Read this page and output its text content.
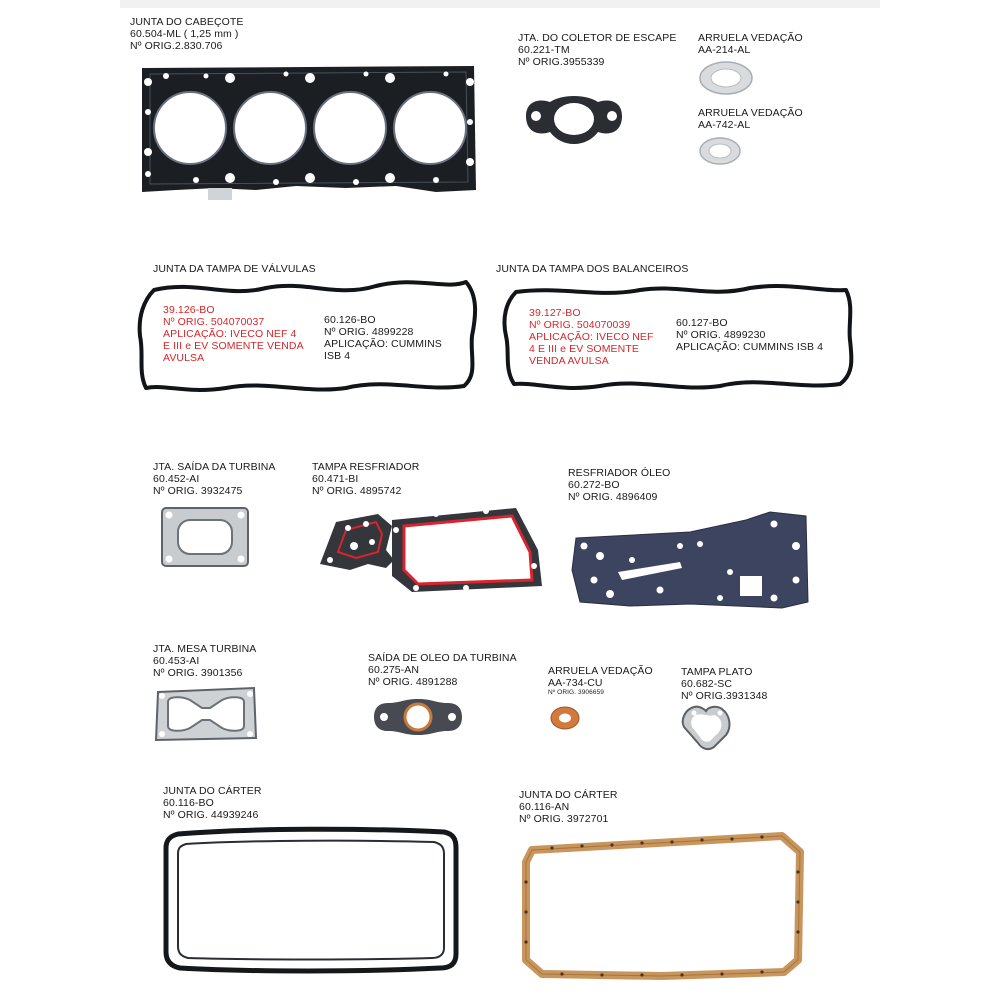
JUNTA DO CABEÇOTE
60.504-ML ( 1,25 mm )
Nº ORIG.2.830.706
JTA. DO COLETOR DE ESCAPE
60.221-TM
Nº ORIG.3955339
ARRUELA VEDAÇÃO
AA-214-AL
ARRUELA VEDAÇÃO
AA-742-AL
JUNTA DA TAMPA DE VÁLVULAS
39.126-BO
Nº ORIG. 504070037
APLICAÇÃO: IVECO NEF 4
E III e EV SOMENTE VENDA
AVULSA
60.126-BO
Nº ORIG. 4899228
APLICAÇÃO: CUMMINS
ISB 4
JUNTA DA TAMPA DOS BALANCEIROS
39.127-BO
Nº ORIG. 504070039
APLICAÇÃO: IVECO NEF
4 E III e EV SOMENTE
VENDA AVULSA
60.127-BO
Nº ORIG. 4899230
APLICAÇÃO: CUMMINS ISB 4
JTA. SAÍDA DA TURBINA
60.452-AI
Nº ORIG. 3932475
TAMPA RESFRIADOR
60.471-BI
Nº ORIG. 4895742
RESFRIADOR ÓLEO
60.272-BO
Nº ORIG. 4896409
JTA. MESA TURBINA
60.453-AI
Nº ORIG. 3901356
SAÍDA DE OLEO DA TURBINA
60.275-AN
Nº ORIG. 4891288
ARRUELA VEDAÇÃO
AA-734-CU
Nº ORIG. 3906659
TAMPA PLATO
60.682-SC
Nº ORIG.3931348
JUNTA DO CÁRTER
60.116-BO
Nº ORIG. 44939246
JUNTA DO CÁRTER
60.116-AN
Nº ORIG. 3972701
